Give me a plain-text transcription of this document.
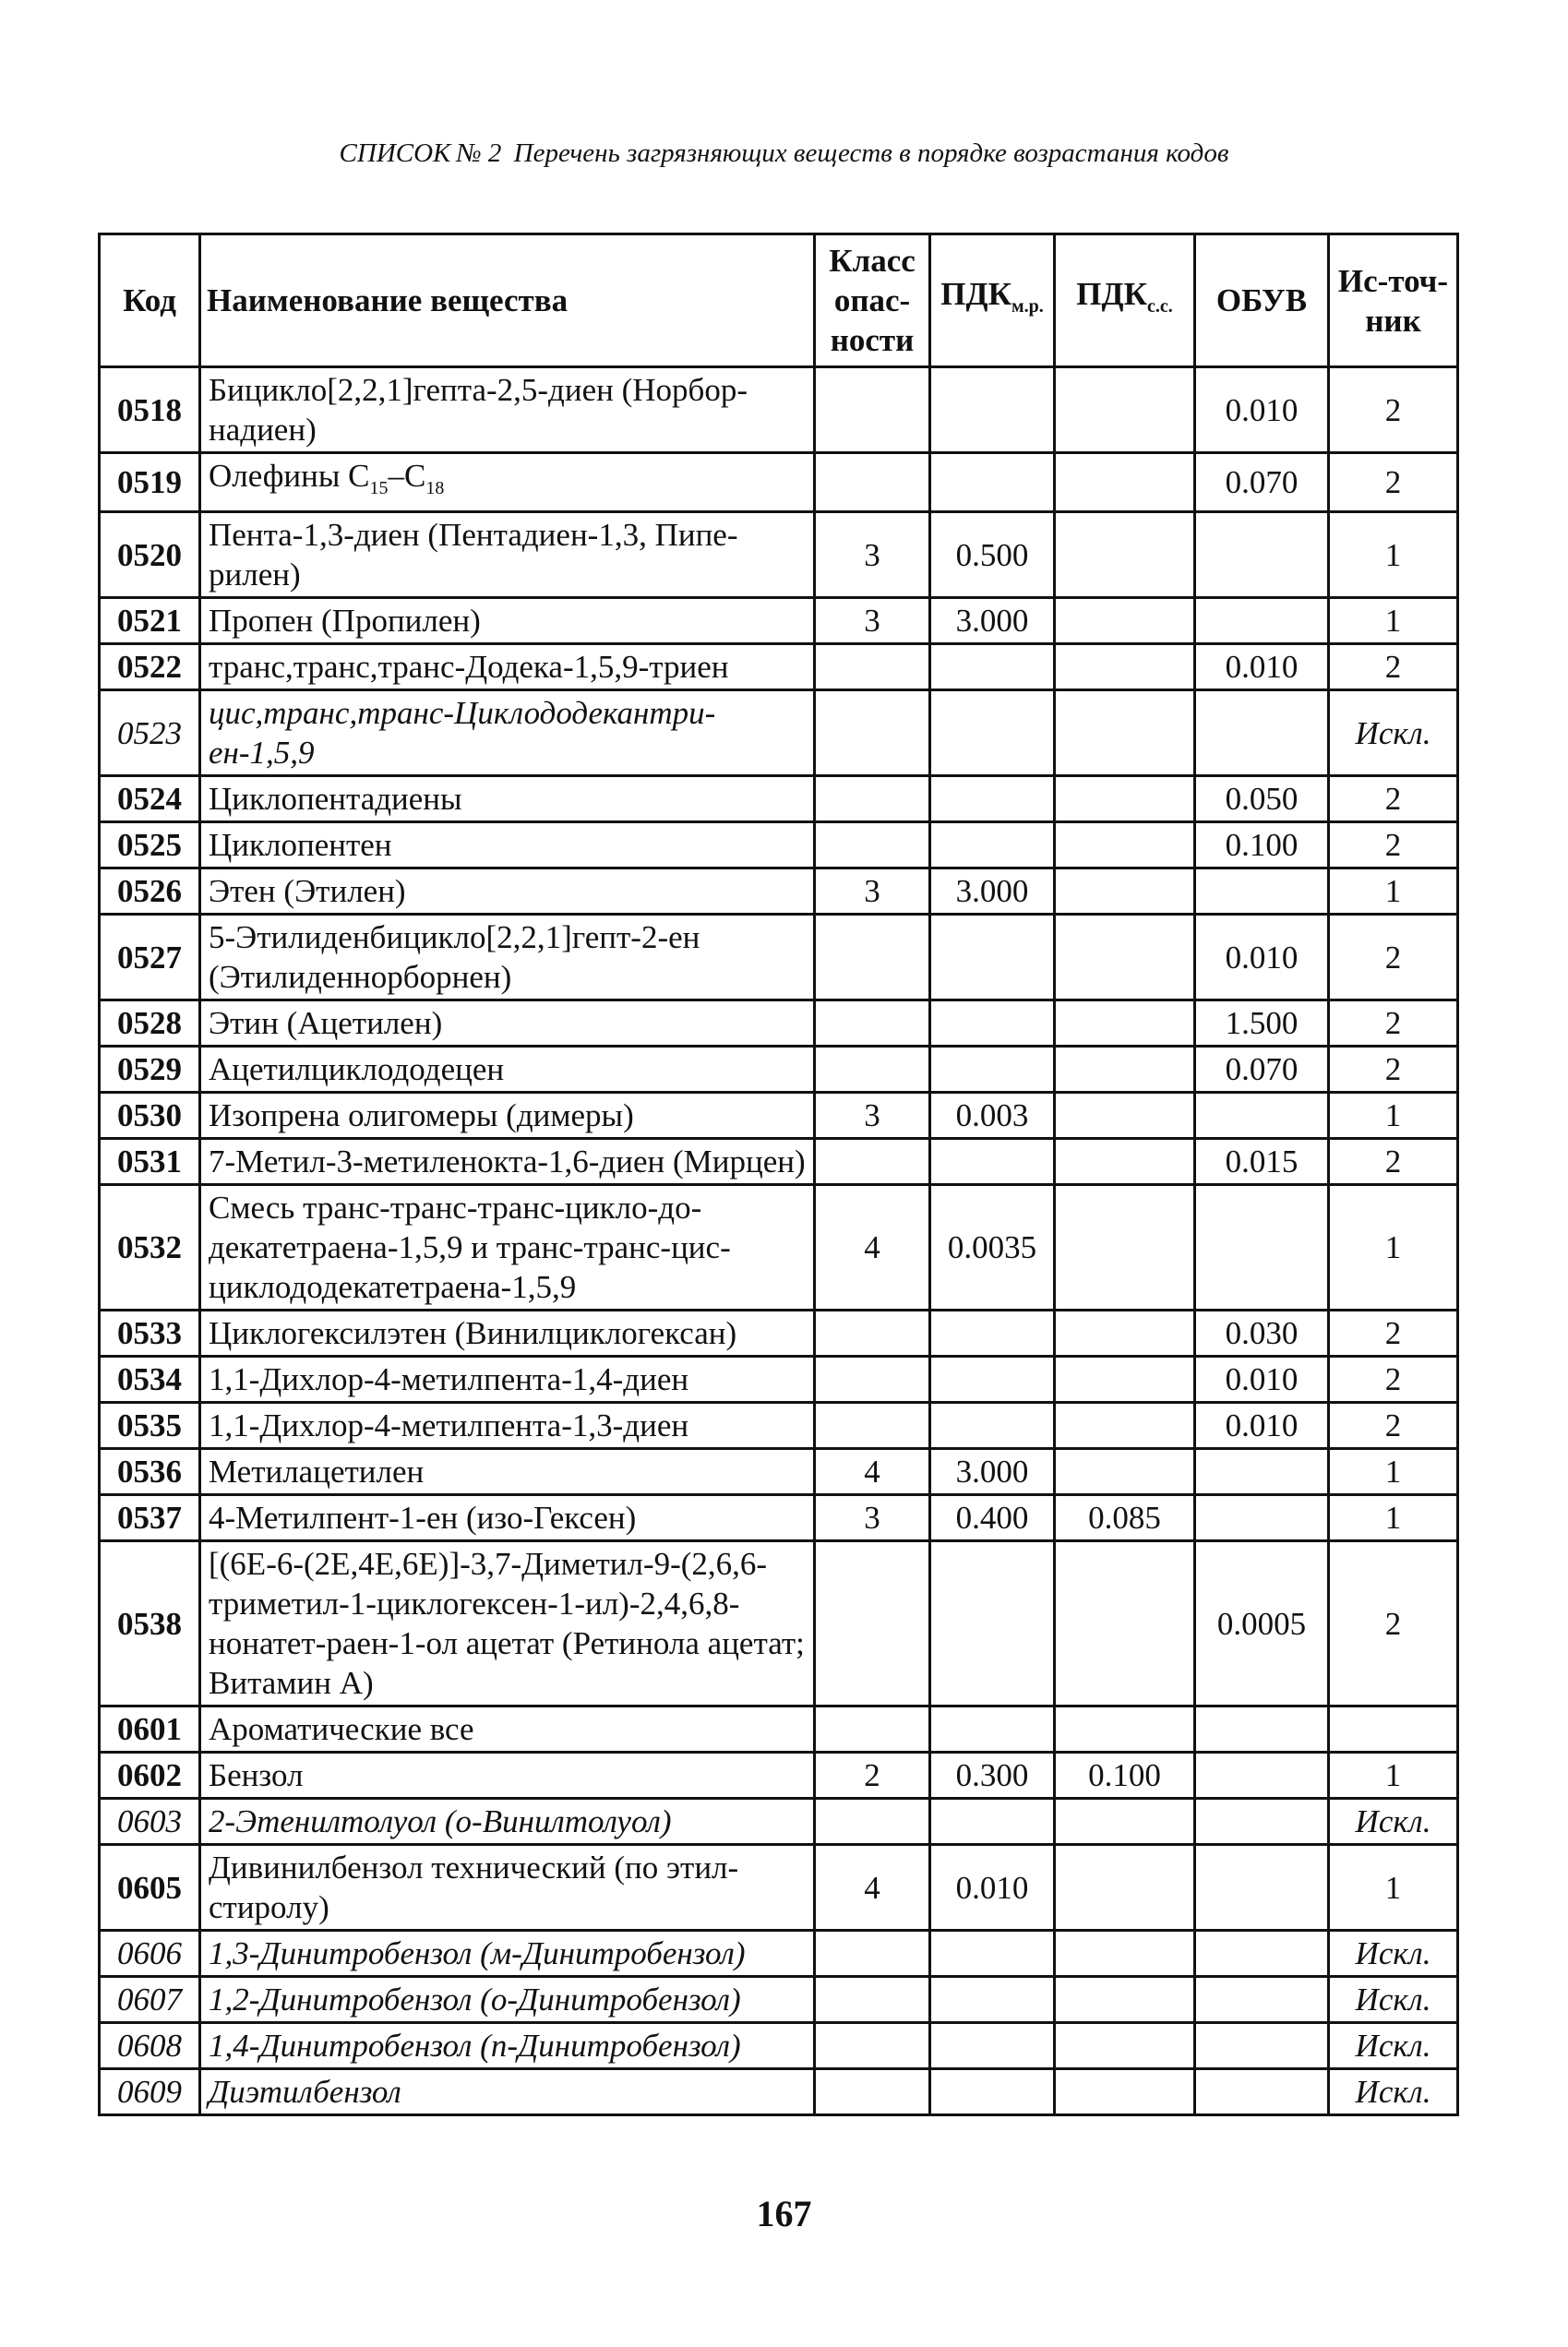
СПИСОК № 2 Перечень загрязняющих веществ в порядке возрастания кодов
Код	Наименование вещества	Класс опас-ности	$ПДК_{м.р.}$	$ПДК_{с.с.}$	ОБУВ	Ис-точ-ник
0518	Бицикло[2,2,1]гепта-2,5-диен (Норбор-надиен)				0.010	2
0519	Олефины $C_{15}-C_{18}$				0.070	2
0520	Пента-1,3-диен (Пентадиен-1,3, Пипе-рилен)	3	0.500			1
0521	Пропен (Пропилен)	3	3.000			1
0522	транс,транс,транс-Додека-1,5,9-триен				0.010	2
0523	цис,транс,транс-Циклододекантри-ен-1,5,9					Искл.
0524	Циклопентадиены				0.050	2
0525	Циклопентен				0.100	2
0526	Этен (Этилен)	3	3.000			1
0527	5-Этилиденбицикло[2,2,1]гепт-2-ен (Этилиденнорборнен)				0.010	2
0528	Этин (Ацетилен)				1.500	2
0529	Ацетилциклододецен				0.070	2
0530	Изопрена олигомеры (димеры)	3	0.003			1
0531	7-Метил-3-метиленокта-1,6-диен (Мирцен)				0.015	2
0532	Смесь транс-транс-транс-цикло-до-декатетраена-1,5,9 и транс-транс-цис-циклододекатетраена-1,5,9	4	0.0035			1
0533	Циклогексилэтен (Винилциклогексан)				0.030	2
0534	1,1-Дихлор-4-метилпента-1,4-диен				0.010	2
0535	1,1-Дихлор-4-метилпента-1,3-диен				0.010	2
0536	Метилацетилен	4	3.000			1
0537	4-Метилпент-1-ен (изо-Гексен)	3	0.400	0.085		1
0538	[(6E-6-(2E,4E,6E)]-3,7-Диметил-9-(2,6,6-триметил-1-циклогексен-1-ил)-2,4,6,8-нонатет-раен-1-ол ацетат (Ретинола ацетат; Витамин А)				0.0005	2
0601	Ароматические все					
0602	Бензол	2	0.300	0.100		1
0603	2-Этенилтолуол (о-Винилтолуол)					Искл.
0605	Дивинилбензол технический (по этил-стиролу)	4	0.010			1
0606	1,3-Динитробензол (м-Динитробензол)					Искл.
0607	1,2-Динитробензол (о-Динитробензол)					Искл.
0608	1,4-Динитробензол (п-Динитробензол)					Искл.
0609	Диэтилбензол					Искл.
167
